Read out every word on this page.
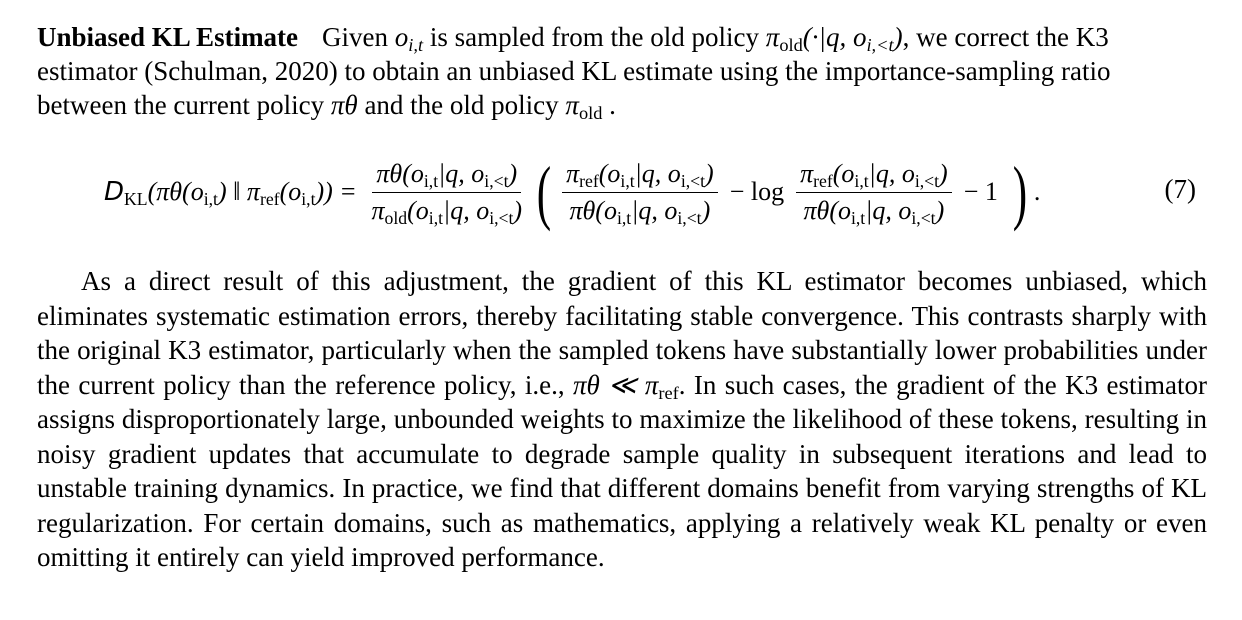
Unbiased KL Estimate Given $o_{i,t}$ is sampled from the old policy $\pi_{old}(\cdot|q$, $o_{i,<t}$), we correct the K3 estimator (Schulman, 2020) to obtain an unbiased KL estimate using the importance-sampling ratio between the current policy πθ and the old policy $\pi_{old}$ .
$D_{KL}(\pi\theta(o_{i,t})$ ‖ $\pi_{ref}(o_{i,t})) = \frac{\pi\theta(o_{i,t}|q, o_{i,<t})}{\pi_{old}(o_{i,t}|q, o_{i,<t})}$ ( $\frac{\pi_{ref}(o_{i,t}|q, o_{i,<t})}{\pi\theta(o_{i,t}|q, o_{i,<t})} - \log \frac{\pi_{ref}(o_{i,t}|q, o_{i,<t})}{\pi\theta(o_{i,t}|q, o_{i,<t})} - 1$ ) .	(7)
As a direct result of this adjustment, the gradient of this KL estimator becomes unbiased, which eliminates systematic estimation errors, thereby facilitating stable convergence. This contrasts sharply with the original K3 estimator, particularly when the sampled tokens have substantially lower probabilities under the current policy than the reference policy, i.e., πθ ≪ $\pi_{ref}$. In such cases, the gradient of the K3 estimator assigns disproportionately large, unbounded weights to maximize the likelihood of these tokens, resulting in noisy gradient updates that accumulate to degrade sample quality in subsequent iterations and lead to unstable training dynamics. In practice, we find that different domains benefit from varying strengths of KL regularization. For certain domains, such as mathematics, applying a relatively weak KL penalty or even omitting it entirely can yield improved performance.
